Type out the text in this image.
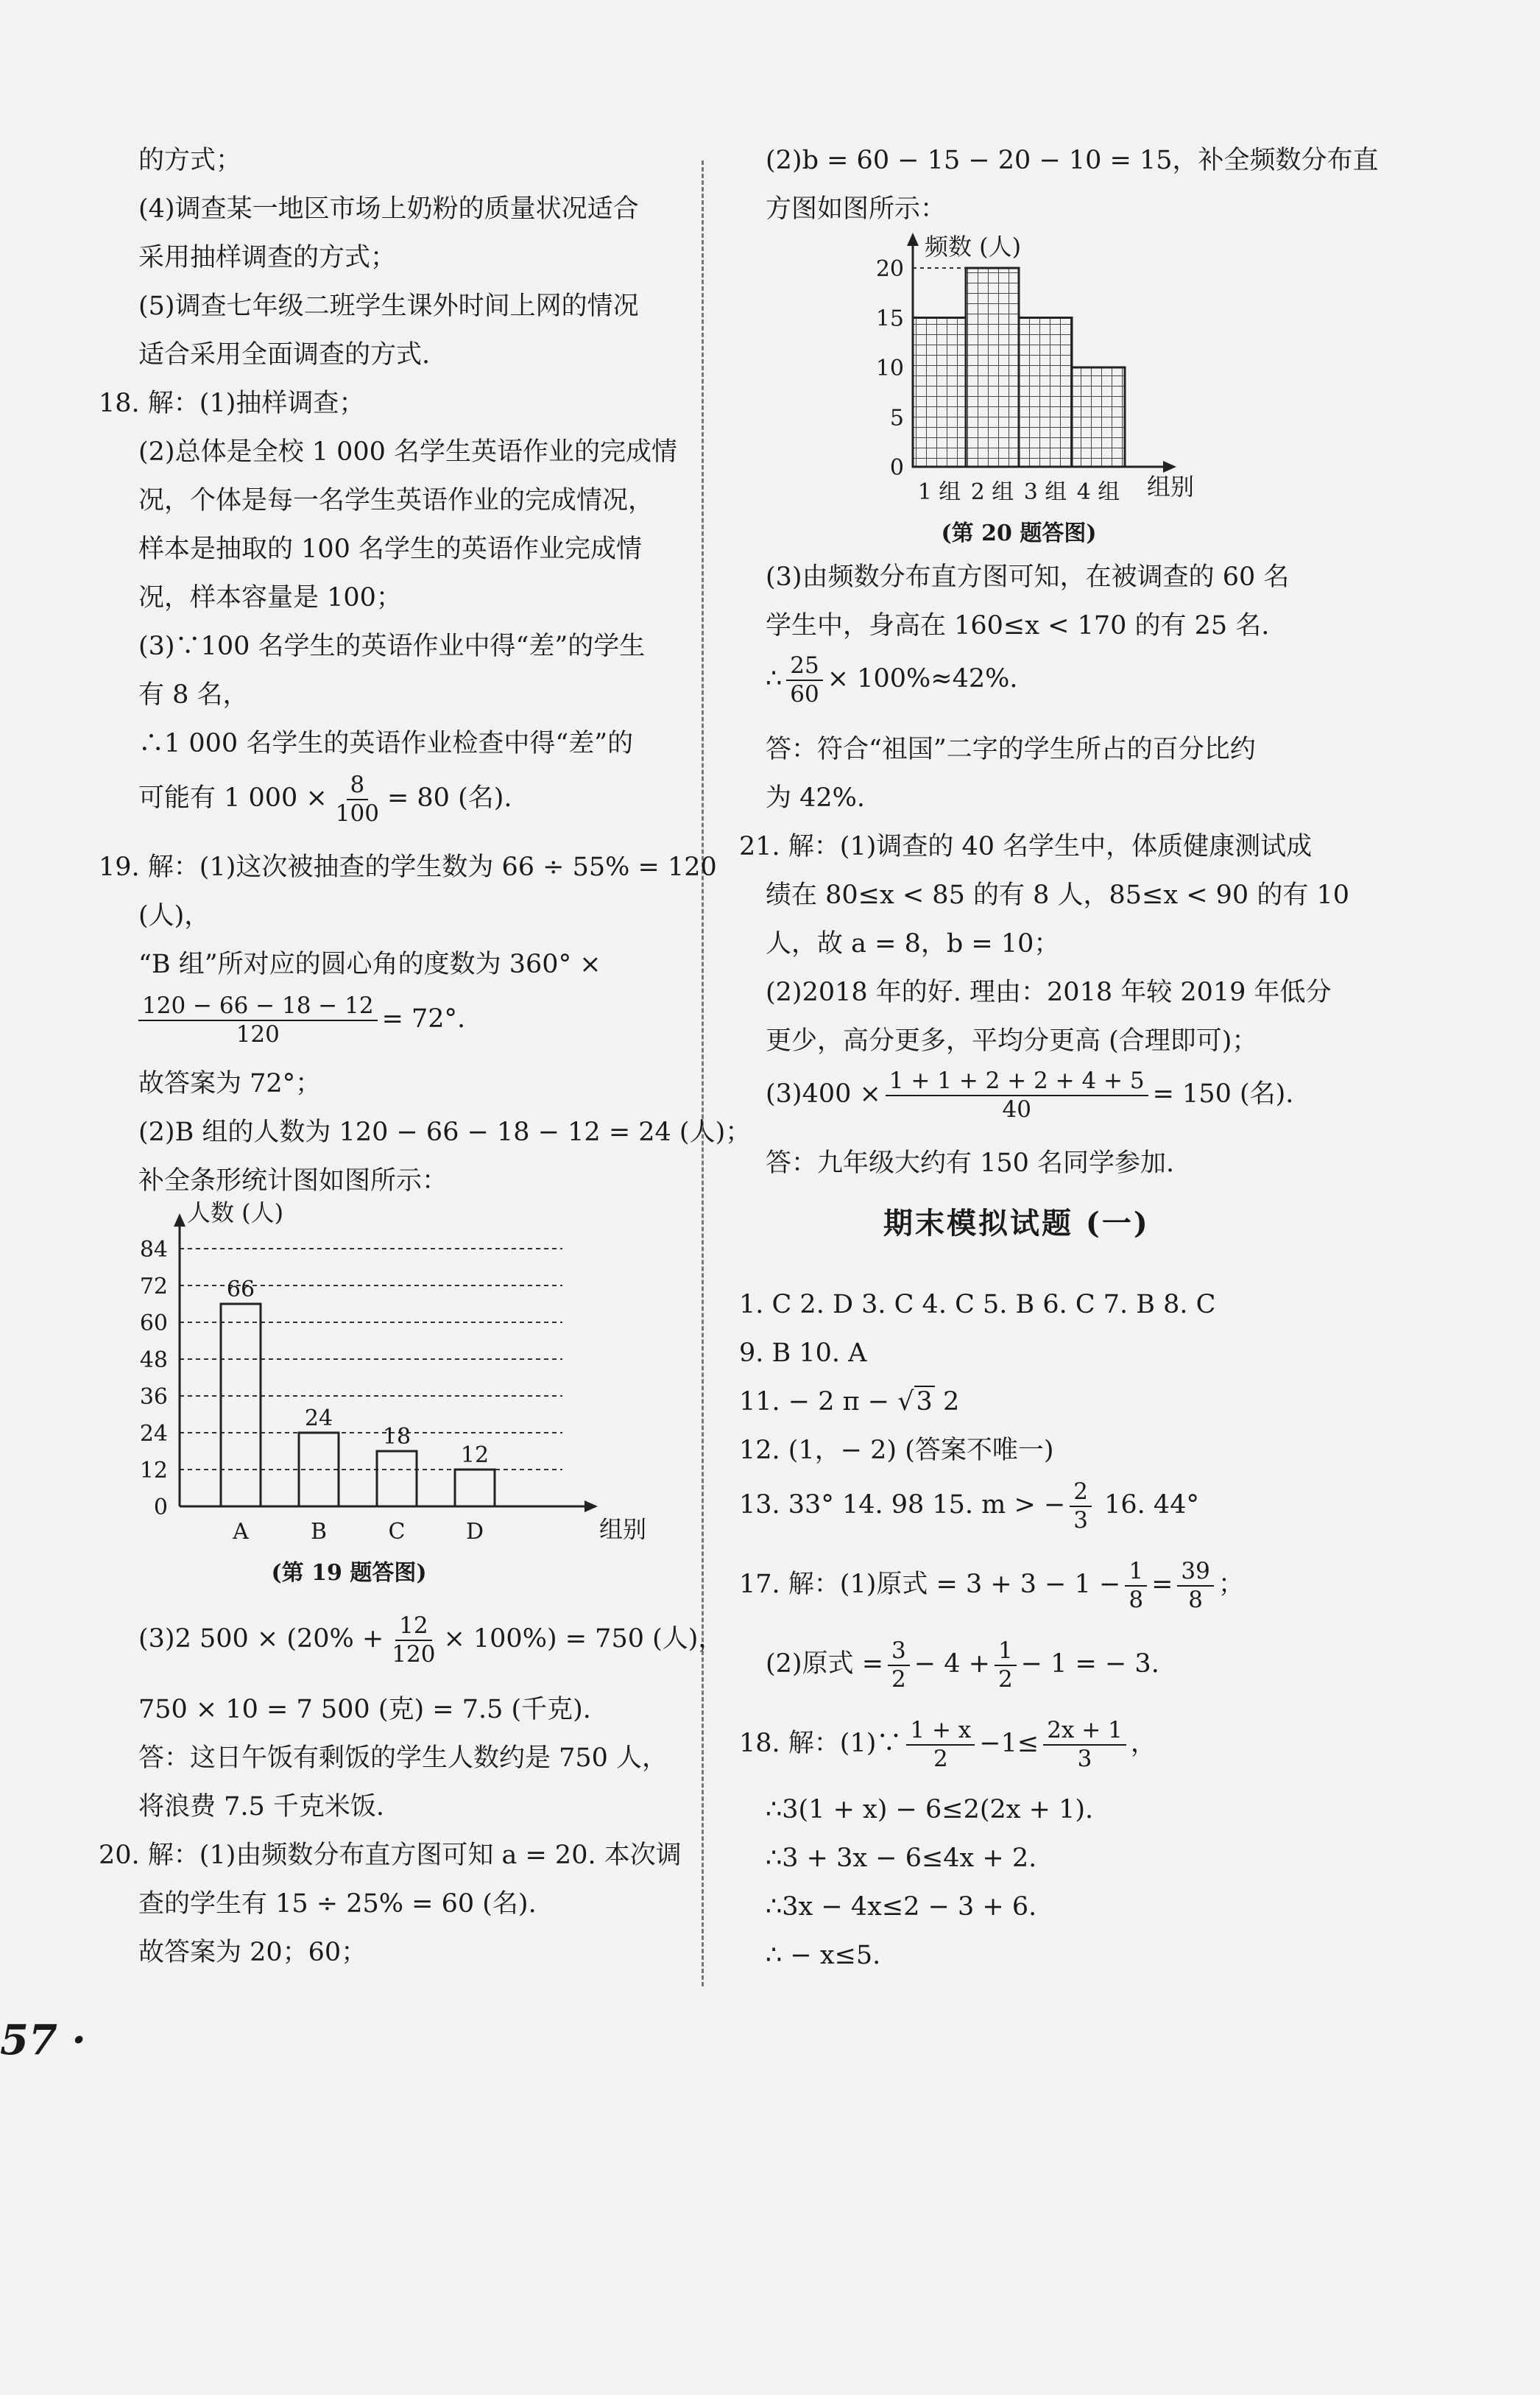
的方式；
(4)调查某一地区市场上奶粉的质量状况适合
采用抽样调查的方式；
(5)调查七年级二班学生课外时间上网的情况
适合采用全面调查的方式.
18. 解：(1)抽样调查；
(2)总体是全校 1 000 名学生英语作业的完成情
况，个体是每一名学生英语作业的完成情况，
样本是抽取的 100 名学生的英语作业完成情
况，样本容量是 100；
(3)∵100 名学生的英语作业中得“差”的学生
有 8 名，
∴1 000 名学生的英语作业检查中得“差”的
可能有 1 $000 \times \frac{8}{100} = 80$ (名).
19. 解：(1)这次被抽查的学生数为 66 ÷ 55% = 120
(人)，
“B 组”所对应的圆心角的度数为 360° ×
$\frac{120 - 66 - 18 - 12}{120} = 72^\circ$.
故答案为 72°；
(2)B 组的人数为 120 − 66 − 18 − 12 = 24 (人)；
补全条形统计图如图所示：
0
12
24
36
48
60
72
84
人数 (人)
组别
66
A
24
B
18
C
12
D
(第 19 题答图)
(3)2 $500 \times (20\% + \frac{12}{120} \times 100\%) = 750$ (人)，
750 × 10 = 7 500 (克) = 7.5 (千克).
答：这日午饭有剩饭的学生人数约是 750 人，
将浪费 7.5 千克米饭.
20. 解：(1)由频数分布直方图可知 a = 20. 本次调
查的学生有 15 ÷ 25% = 60 (名).
故答案为 20；60；
(2)b = 60 − 15 − 20 − 10 = 15，补全频数分布直
方图如图所示：
0
5
10
15
20
1 组 2 组 3 组 4 组
频数 (人)
组别
(第 20 题答图)
(3)由频数分布直方图可知，在被调查的 60 名
学生中，身高在 160≤x < 170 的有 25 名.
∴ $\frac{25}{60} \times 100\%\approx 42\%$.
答：符合“祖国”二字的学生所占的百分比约
为 42%.
21. 解：(1)调查的 40 名学生中，体质健康测试成
绩在 80≤x < 85 的有 8 人，85≤x < 90 的有 10
人，故 a = 8，b = 10；
(2)2018 年的好. 理由：2018 年较 2019 年低分
更少，高分更多，平均分更高 (合理即可)；
$(3)400 \times \frac{1 + 1 + 2 + 2 + 4 + 5}{40} = 150$ (名).
答：九年级大约有 150 名同学参加.
期末模拟试题 (一)
1. C 2. D 3. C 4. C 5. B 6. C 7. B 8. C
9. B 10. A
11. − 2 π − √3 2
12. (1，− 2) (答案不唯一)
13. 33° 14. 98 15. m > − $\frac{2}{3} 16$. 44°
17. 解：(1)原式 = $3 + 3 - 1 - \frac{1}{8} = \frac{39}{8}$ ；
(2)原式 = $\frac{3}{2} - 4 + \frac{1}{2} - 1$ = − 3.
18. 解：(1)∵ $\frac{1 + x}{2} -1\le \frac{2x + 1}{3}$ ，
∴3(1 + x) − 6≤2(2x + 1).
∴3 + 3x − 6≤4x + 2.
∴3x − 4x≤2 − 3 + 6.
∴ − x≤5.
57 ·
